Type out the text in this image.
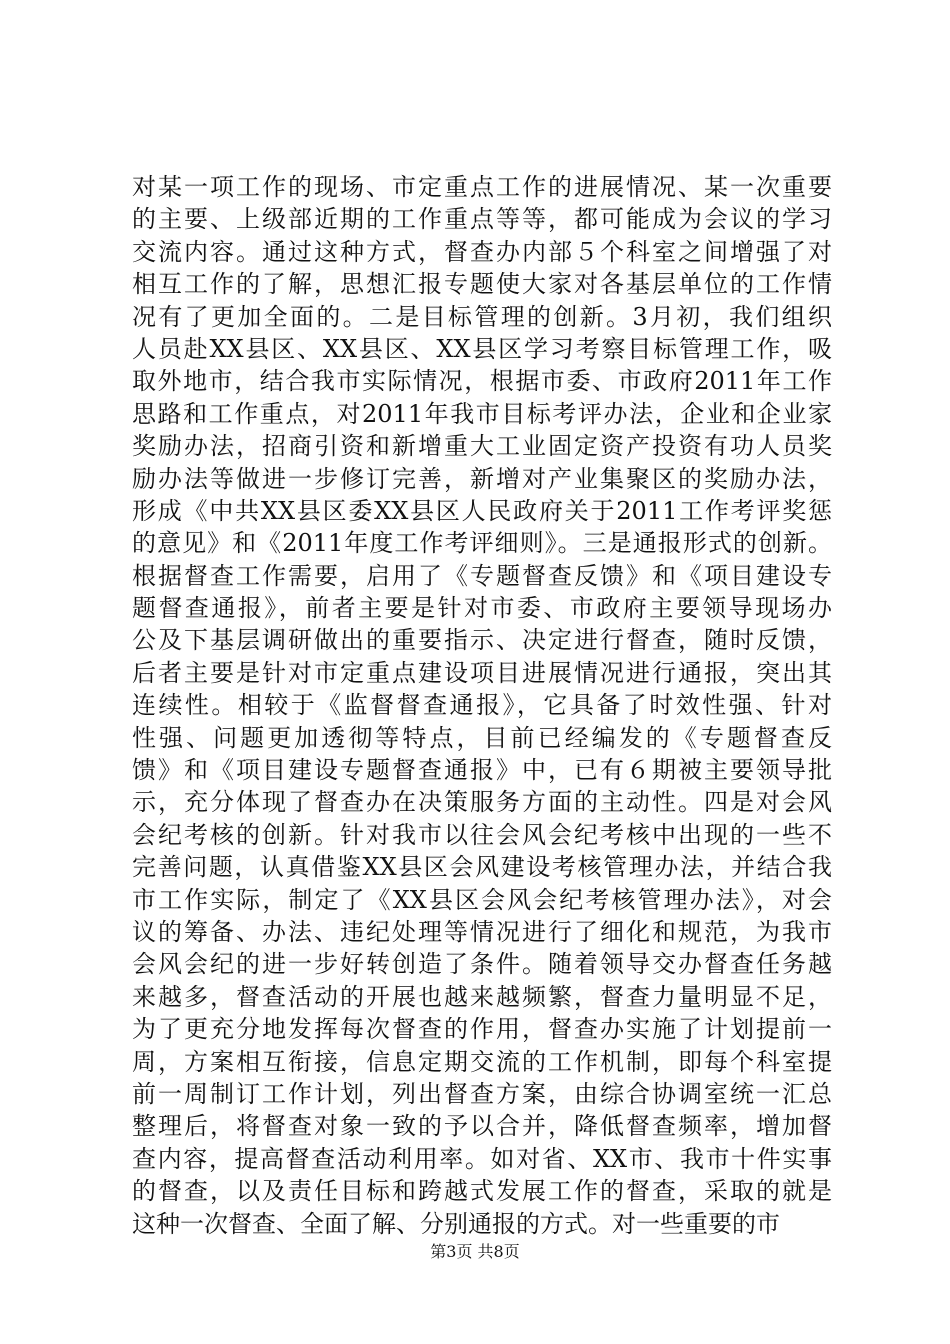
对某一项工作的现场、市定重点工作的进展情况、某一次重要
的主要、上级部近期的工作重点等等，都可能成为会议的学习
交流内容。通过这种方式，督查办内部５个科室之间增强了对
相互工作的了解，思想汇报专题使大家对各基层单位的工作情
况有了更加全面的。二是目标管理的创新。3月初，我们组织
人员赴XX县区、XX县区、XX县区学习考察目标管理工作，吸
取外地市，结合我市实际情况，根据市委、市政府2011年工作
思路和工作重点，对2011年我市目标考评办法，企业和企业家
奖励办法，招商引资和新增重大工业固定资产投资有功人员奖
励办法等做进一步修订完善，新增对产业集聚区的奖励办法，
形成《中共XX县区委XX县区人民政府关于2011工作考评奖惩
的意见》和《2011年度工作考评细则》。三是通报形式的创新。
根据督查工作需要，启用了《专题督查反馈》和《项目建设专
题督查通报》，前者主要是针对市委、市政府主要领导现场办
公及下基层调研做出的重要指示、决定进行督查，随时反馈，
后者主要是针对市定重点建设项目进展情况进行通报，突出其
连续性。相较于《监督督查通报》，它具备了时效性强、针对
性强、问题更加透彻等特点，目前已经编发的《专题督查反
馈》和《项目建设专题督查通报》中，已有６期被主要领导批
示，充分体现了督查办在决策服务方面的主动性。四是对会风
会纪考核的创新。针对我市以往会风会纪考核中出现的一些不
完善问题，认真借鉴XX县区会风建设考核管理办法，并结合我
市工作实际，制定了《XX县区会风会纪考核管理办法》，对会
议的筹备、办法、违纪处理等情况进行了细化和规范，为我市
会风会纪的进一步好转创造了条件。随着领导交办督查任务越
来越多，督查活动的开展也越来越频繁，督查力量明显不足，
为了更充分地发挥每次督查的作用，督查办实施了计划提前一
周，方案相互衔接，信息定期交流的工作机制，即每个科室提
前一周制订工作计划，列出督查方案，由综合协调室统一汇总
整理后，将督查对象一致的予以合并，降低督查频率，增加督
查内容，提高督查活动利用率。如对省、XX市、我市十件实事
的督查，以及责任目标和跨越式发展工作的督查，采取的就是
这种一次督查、全面了解、分别通报的方式。对一些重要的市
第3页 共8页
